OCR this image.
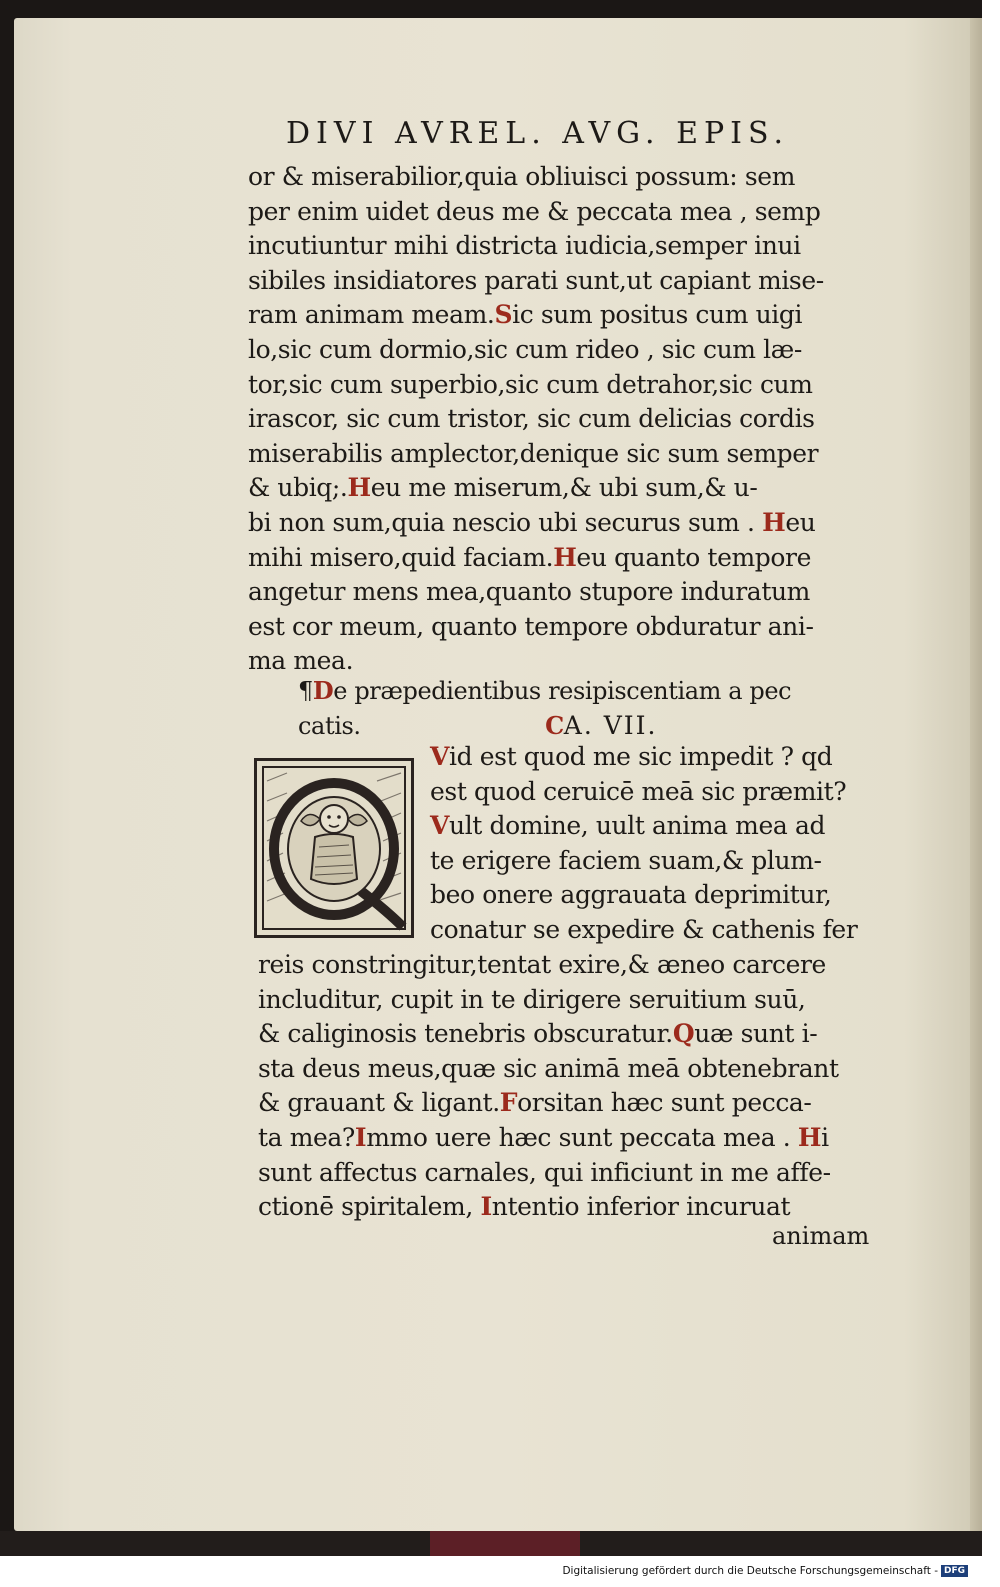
DIVI AVREL. AVG. EPIS.
or & miserabilior,quia obliuisci possum: sem
per enim uidet deus me & peccata mea , semp
incutiuntur mihi districta iudicia,semper inui
sibiles insidiatores parati sunt,ut capiant mise-
ram animam meam.Sic sum positus cum uigi
lo,sic cum dormio,sic cum rideo , sic cum læ-
tor,sic cum superbio,sic cum detrahor,sic cum
irascor, sic cum tristor, sic cum delicias cordis
miserabilis amplector,denique sic sum semper
& ubiq;.Heu me miserum,& ubi sum,& u-
bi non sum,quia nescio ubi securus sum . Heu
mihi misero,quid faciam.Heu quanto tempore
angetur mens mea,quanto stupore induratum
est cor meum, quanto tempore obduratur ani-
ma mea.
¶De præpedientibus resipiscentiam a pec
catis.	CA. VII.
Vid est quod me sic impedit ? qd
est quod ceruicē meā sic præmit?
Vult domine, uult anima mea ad
te erigere faciem suam,& plum-
beo onere aggrauata deprimitur,
conatur se expedire & cathenis fer
reis constringitur,tentat exire,& æneo carcere
includitur, cupit in te dirigere seruitium suū,
& caliginosis tenebris obscuratur.Quæ sunt i-
sta deus meus,quæ sic animā meā obtenebrant
& grauant & ligant.Forsitan hæc sunt pecca-
ta mea?Immo uere hæc sunt peccata mea . Hi
sunt affectus carnales, qui inficiunt in me affe-
ctionē spiritalem, Intentio inferior incuruat
animam
Digitalisierung gefördert durch die Deutsche Forschungsgemeinschaft - DFG
